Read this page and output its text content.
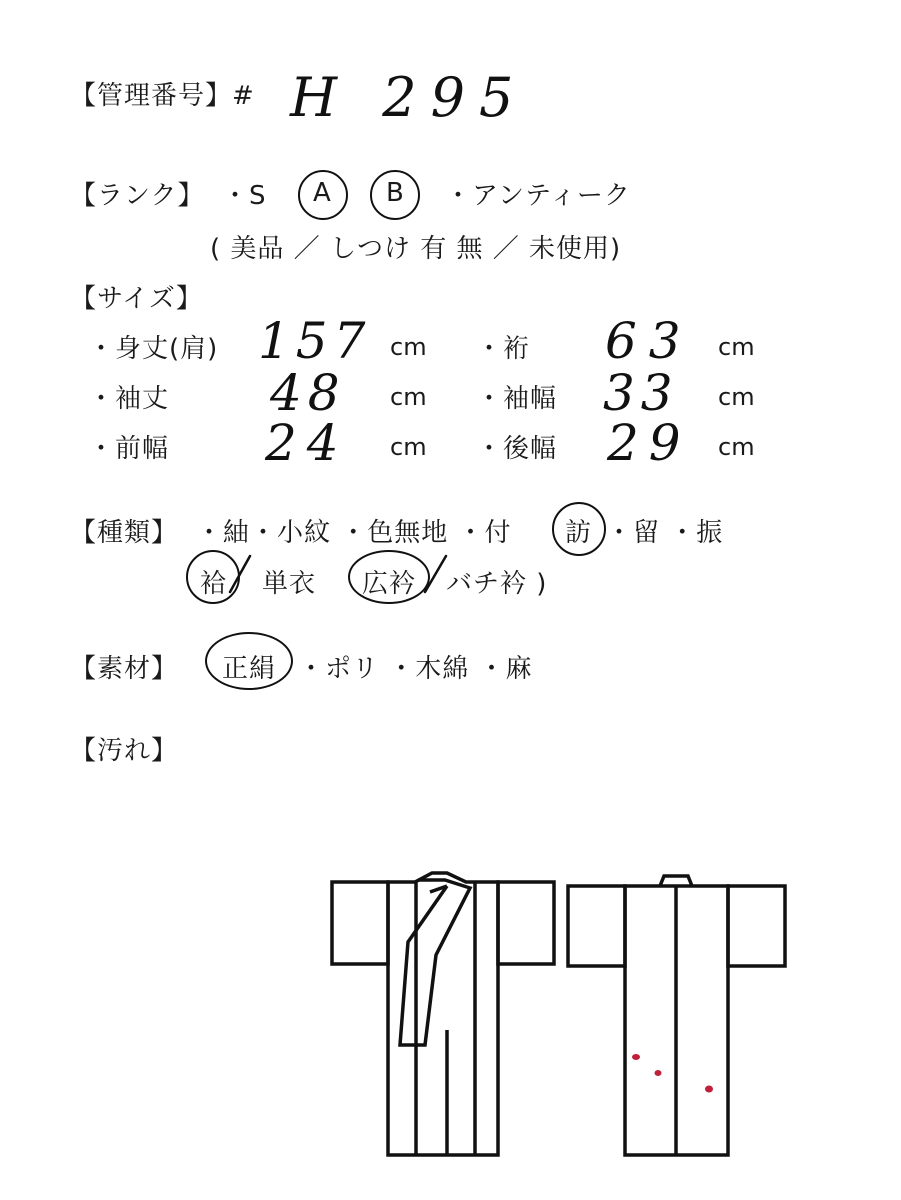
【管理番号】# H 295
【ランク】 ・S A B ・アンティーク
( 美品 ／ しつけ 有 無 ／ 未使用)
【サイズ】
・身丈(肩) 157 cm ・裄 63 cm
・袖丈 48 cm ・袖幅 33 cm
・前幅 24 cm ・後幅 29 cm
【種類】 ・紬・小紋 ・色無地 ・付 訪 ・留 ・振
袷 単衣 広衿 バチ衿 )
【素材】 正絹 ・ポリ ・木綿 ・麻
【汚れ】
